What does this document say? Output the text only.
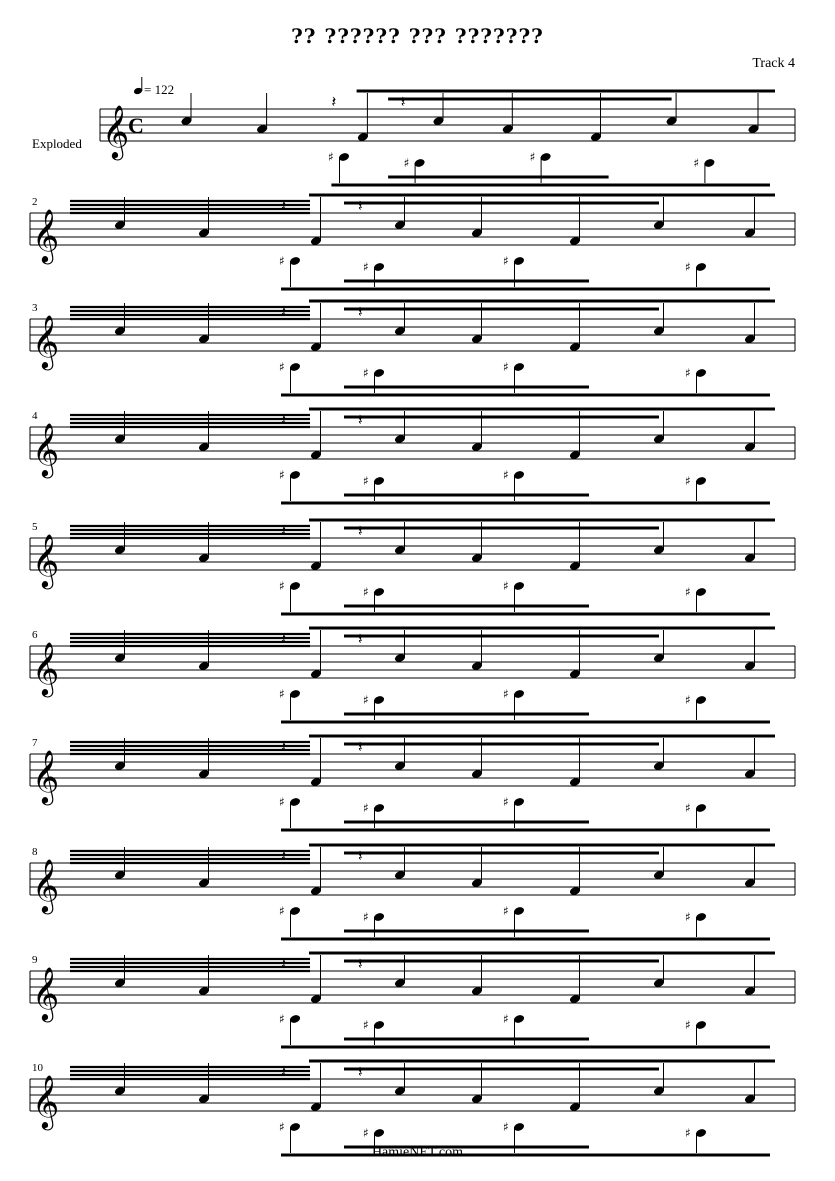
?? ?????? ??? ???????
Track 4
𝄞
C
♯	♯	♯	♯
𝄽	𝄽
𝄞
2
♯	♯	♯	♯
𝄽	𝄽
𝄞
3
♯	♯	♯	♯
𝄽	𝄽
𝄞
4
♯	♯	♯	♯
𝄽	𝄽
𝄞
5
♯	♯	♯	♯
𝄽	𝄽
𝄞
6
♯	♯	♯	♯
𝄽	𝄽
𝄞
7
♯	♯	♯	♯
𝄽	𝄽
𝄞
8
♯	♯	♯	♯
𝄽	𝄽
𝄞
9
♯	♯	♯	♯
𝄽	𝄽
𝄞
10
♯	♯	♯	♯
𝄽	𝄽
= 122
Exploded
HamieNET.com
